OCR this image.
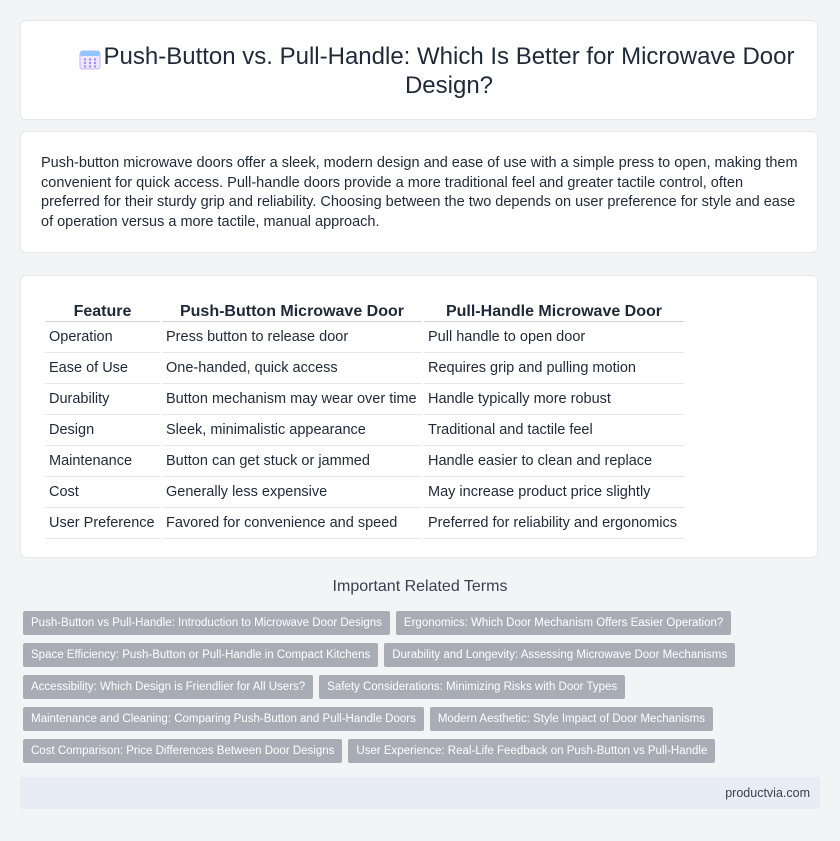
Push-Button vs. Pull-Handle: Which Is Better for Microwave Door Design?

Push-button microwave doors offer a sleek, modern design and ease of use with a simple press to open, making them convenient for quick access. Pull-handle doors provide a more traditional feel and greater tactile control, often preferred for their sturdy grip and reliability. Choosing between the two depends on user preference for style and ease of operation versus a more tactile, manual approach.

Feature	Push-Button Microwave Door	Pull-Handle Microwave Door
Operation	Press button to release door	Pull handle to open door
Ease of Use	One-handed, quick access	Requires grip and pulling motion
Durability	Button mechanism may wear over time	Handle typically more robust
Design	Sleek, minimalistic appearance	Traditional and tactile feel
Maintenance	Button can get stuck or jammed	Handle easier to clean and replace
Cost	Generally less expensive	May increase product price slightly
User Preference	Favored for convenience and speed	Preferred for reliability and ergonomics
Important Related Terms
Push-Button vs Pull-Handle: Introduction to Microwave Door Designs	Ergonomics: Which Door Mechanism Offers Easier Operation?
Space Efficiency: Push-Button or Pull-Handle in Compact Kitchens	Durability and Longevity: Assessing Microwave Door Mechanisms
Accessibility: Which Design is Friendlier for All Users?	Safety Considerations: Minimizing Risks with Door Types
Maintenance and Cleaning: Comparing Push-Button and Pull-Handle Doors	Modern Aesthetic: Style Impact of Door Mechanisms
Cost Comparison: Price Differences Between Door Designs	User Experience: Real-Life Feedback on Push-Button vs Pull-Handle
productvia.com
